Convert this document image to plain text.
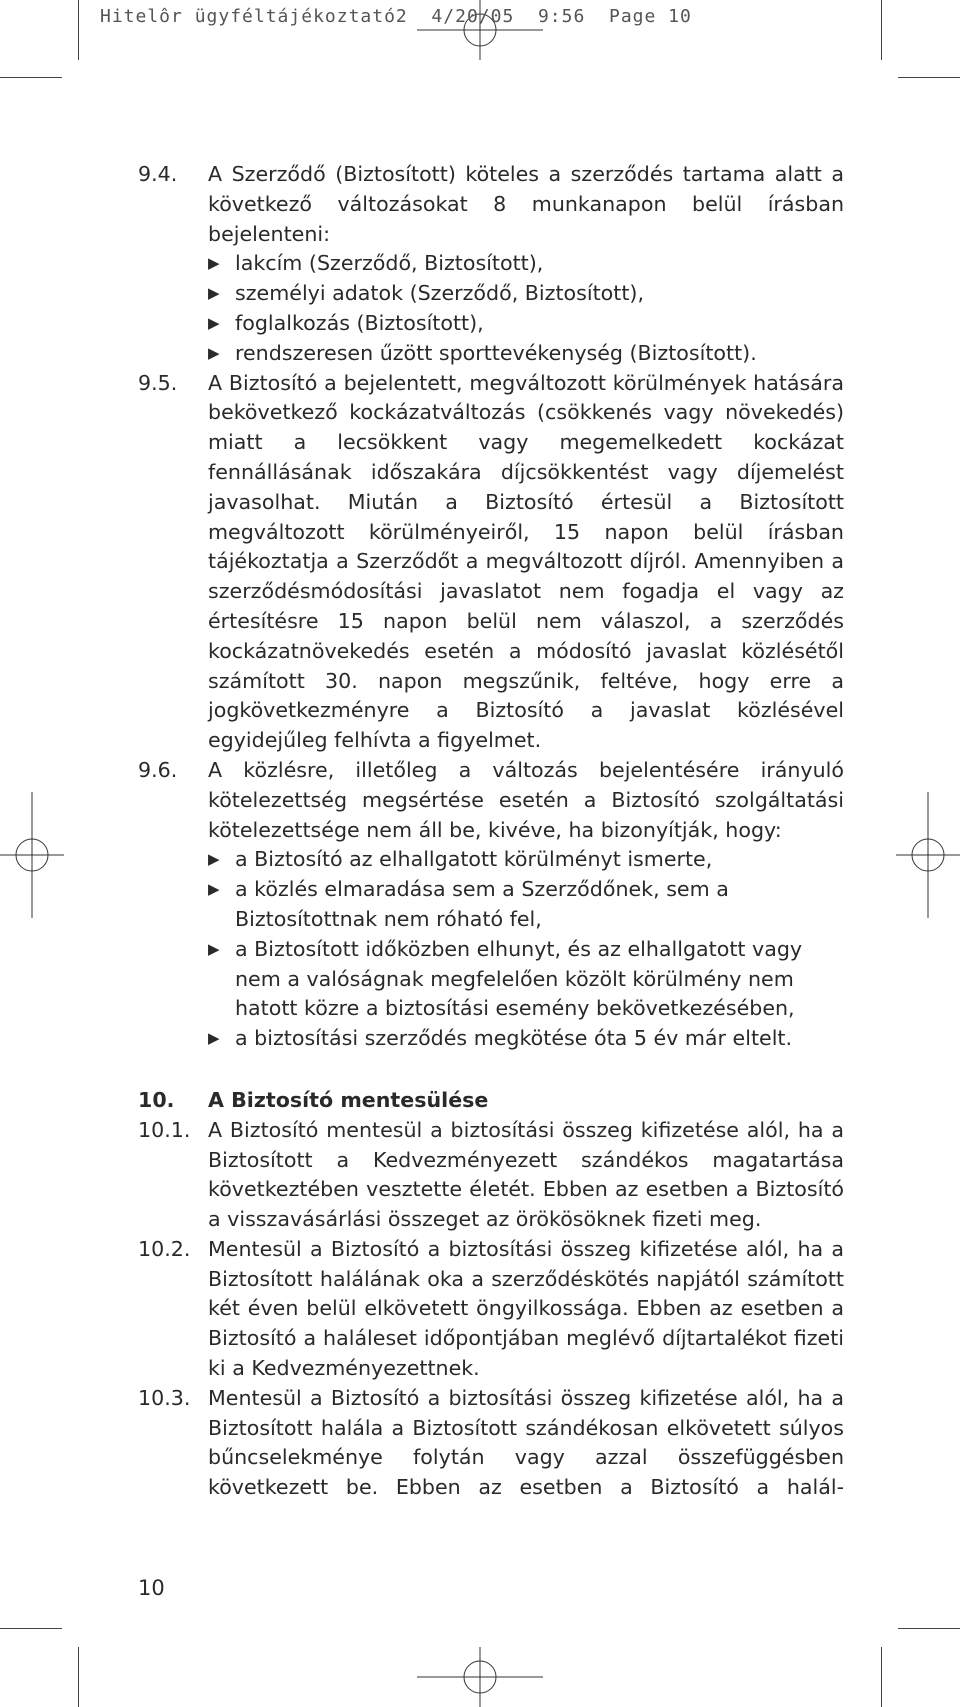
Hitelôr ügyféltájékoztató2  4/20/05  9:56  Page 10
9.4.	A Szerződő (Biztosított) köteles a szerződés tartama alatt a következő változásokat 8 munkanapon belül írásban bejelenteni:
▶ lakcím (Szerződő, Biztosított),
▶ személyi adatok (Szerződő, Biztosított),
▶ foglalkozás (Biztosított),
▶ rendszeresen űzött sporttevékenység (Biztosított).
9.5.	A Biztosító a bejelentett, megváltozott körülmények hatására bekövetkező kockázatváltozás (csökkenés vagy növekedés) miatt a lecsökkent vagy megemelkedett kockázat fennállásának időszakára díjcsökkentést vagy díjemelést javasolhat. Miután a Biztosító értesül a Biztosított megváltozott körülményeiről, 15 napon belül írásban tájékoztatja a Szerződőt a megváltozott díjról. Amennyiben a szerződésmódosítási javaslatot nem fogadja el vagy az értesítésre 15 napon belül nem válaszol, a szerződés kockázatnövekedés esetén a módosító javaslat közlésétől számított 30. napon megszűnik, feltéve, hogy erre a jogkövetkezményre a Biztosító a javaslat közlésével egyidejűleg felhívta a figyelmet.
9.6.	A közlésre, illetőleg a változás bejelentésére irányuló kötelezettség megsértése esetén a Biztosító szolgáltatási kötelezettsége nem áll be, kivéve, ha bizonyítják, hogy:
▶ a Biztosító az elhallgatott körülményt ismerte,
▶ a közlés elmaradása sem a Szerződőnek, sem a Biztosítottnak nem róható fel,
▶ a Biztosított időközben elhunyt, és az elhallgatott vagy nem a valóságnak megfelelően közölt körülmény nem hatott közre a biztosítási esemény bekövetkezésében,
▶ a biztosítási szerződés megkötése óta 5 év már eltelt.
10.	A Biztosító mentesülése
10.1. A Biztosító mentesül a biztosítási összeg kifizetése alól, ha a Biztosított a Kedvezményezett szándékos magatartása következtében vesztette életét. Ebben az esetben a Biztosító a visszavásárlási összeget az örökösöknek fizeti meg.
10.2. Mentesül a Biztosító a biztosítási összeg kifizetése alól, ha a Biztosított halálának oka a szerződéskötés napjától számított két éven belül elkövetett öngyilkossága. Ebben az esetben a Biztosító a haláleset időpontjában meglévő díjtartalékot fizeti ki a Kedvezményezettnek.
10.3. Mentesül a Biztosító a biztosítási összeg kifizetése alól, ha a Biztosított halála a Biztosított szándékosan elkövetett súlyos bűncselekménye folytán vagy azzal összefüggésben következett be. Ebben az esetben a Biztosító a halál-
10
